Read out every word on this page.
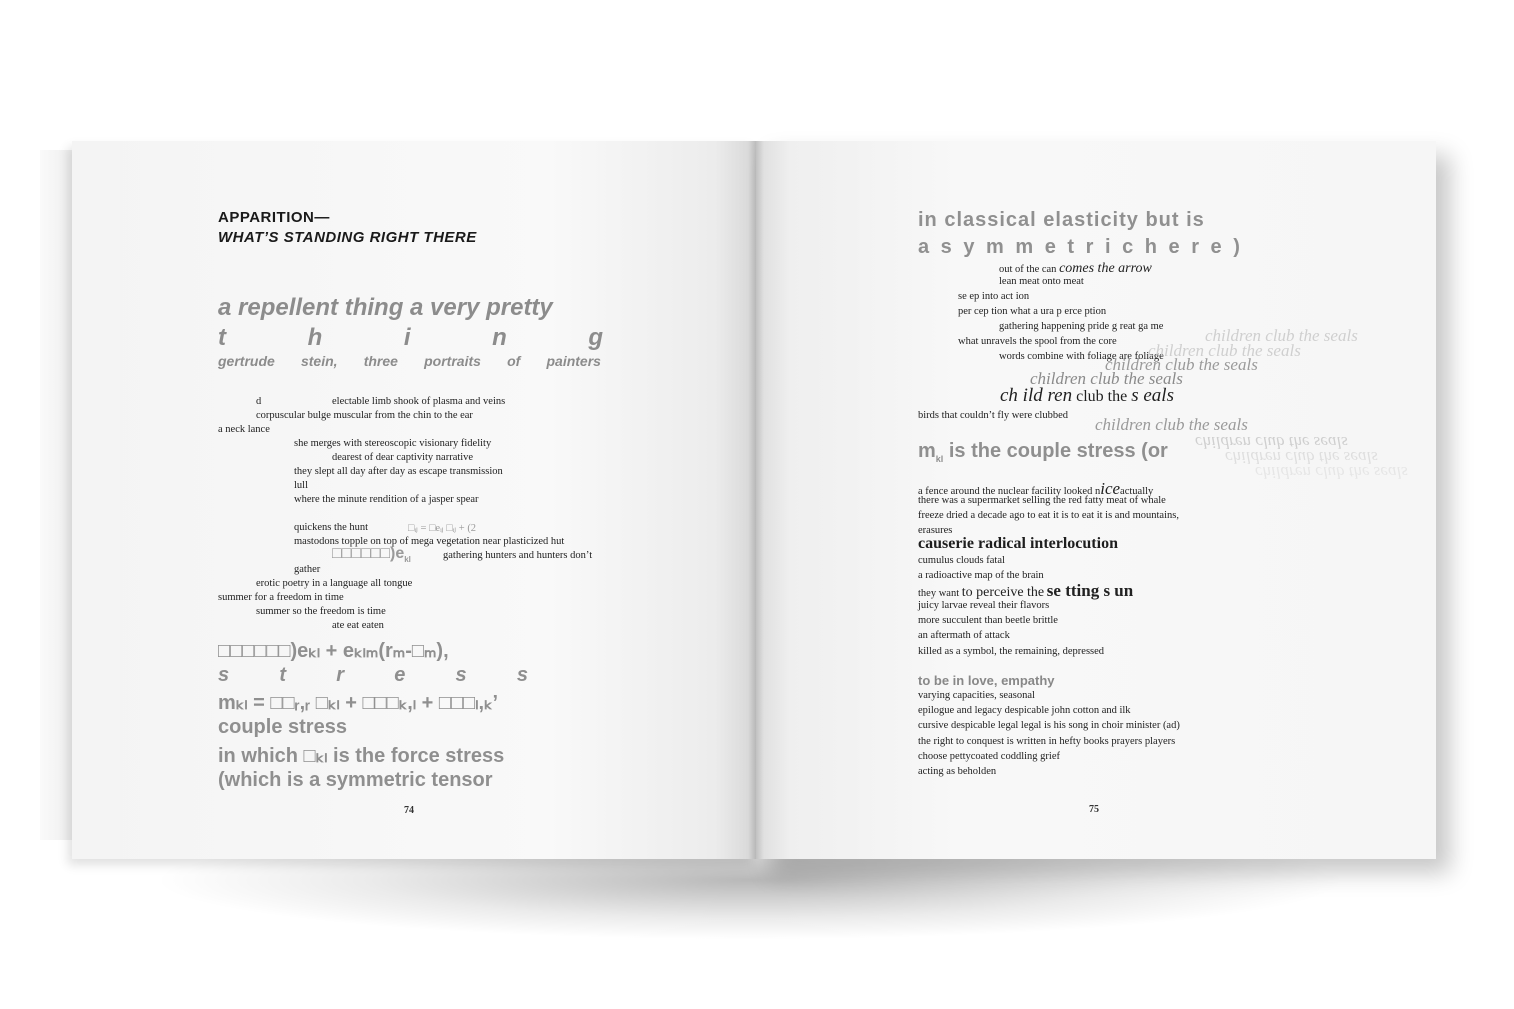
APPARITION—
WHAT’S STANDING RIGHT THERE
a repellent thing a very pretty
t	h	i	n	g
gertrude stein, three portraits of painters
d	electable limb shook of plasma and veins
corpuscular bulge muscular from the chin to the ear
a neck lance
she merges with stereoscopic visionary fidelity
dearest of dear captivity narrative
they slept all day after day as escape transmission
lull
where the minute rendition of a jasper spear
quickens the hunt	□ᵢⱼ = □eᵢⱼ □ᵢⱼ + (2
mastodons topple on top of mega vegetation near plasticized hut
$□□□□□□)e_{kl}$	gathering hunters and hunters don’t
gather
erotic poetry in a language all tongue
summer for a freedom in time
summer so the freedom is time
ate eat eaten
□□□□□□)eₖₗ + eₖₗₘ(rₘ-□ₘ),
s	t	r	e	s	s
mₖₗ = □□ᵣ,ᵣ □ₖₗ + □□□ₖ,ₗ + □□□ₗ,ₖ’
couple stress
in which □ₖₗ is the force stress
(which is a symmetric tensor
74
in classical elasticity but is
a s y m m e t r i c h e r e )
out of the can comes the arrow
lean meat onto meat
se ep into act ion
per cep tion what a ura p erce ption
gathering happening pride g reat ga me
what unravels the spool from the core
words combine with foliage are foliage
children club the seals
children club the seals
children club the seals
children club the seals
ch ild ren club the s eals
birds that couldn’t fly were clubbed children club the seals
children club the seals
children club the seals
children club the seals
$m_{kl}$ is the couple stress (or
a fence around the nuclear facility looked niceactually
there was a supermarket selling the red fatty meat of whale
freeze dried a decade ago to eat it is to eat it is and mountains,
erasures
causerie radical interlocution
cumulus clouds fatal
a radioactive map of the brain
they want to perceive the se tting s un
juicy larvae reveal their flavors
more succulent than beetle brittle
an aftermath of attack
killed as a symbol, the remaining, depressed
to be in love, empathy
varying capacities, seasonal
epilogue and legacy despicable john cotton and ilk
cursive despicable legal legal is his song in choir minister (ad)
the right to conquest is written in hefty books prayers players
choose pettycoated coddling grief
acting as beholden
75
